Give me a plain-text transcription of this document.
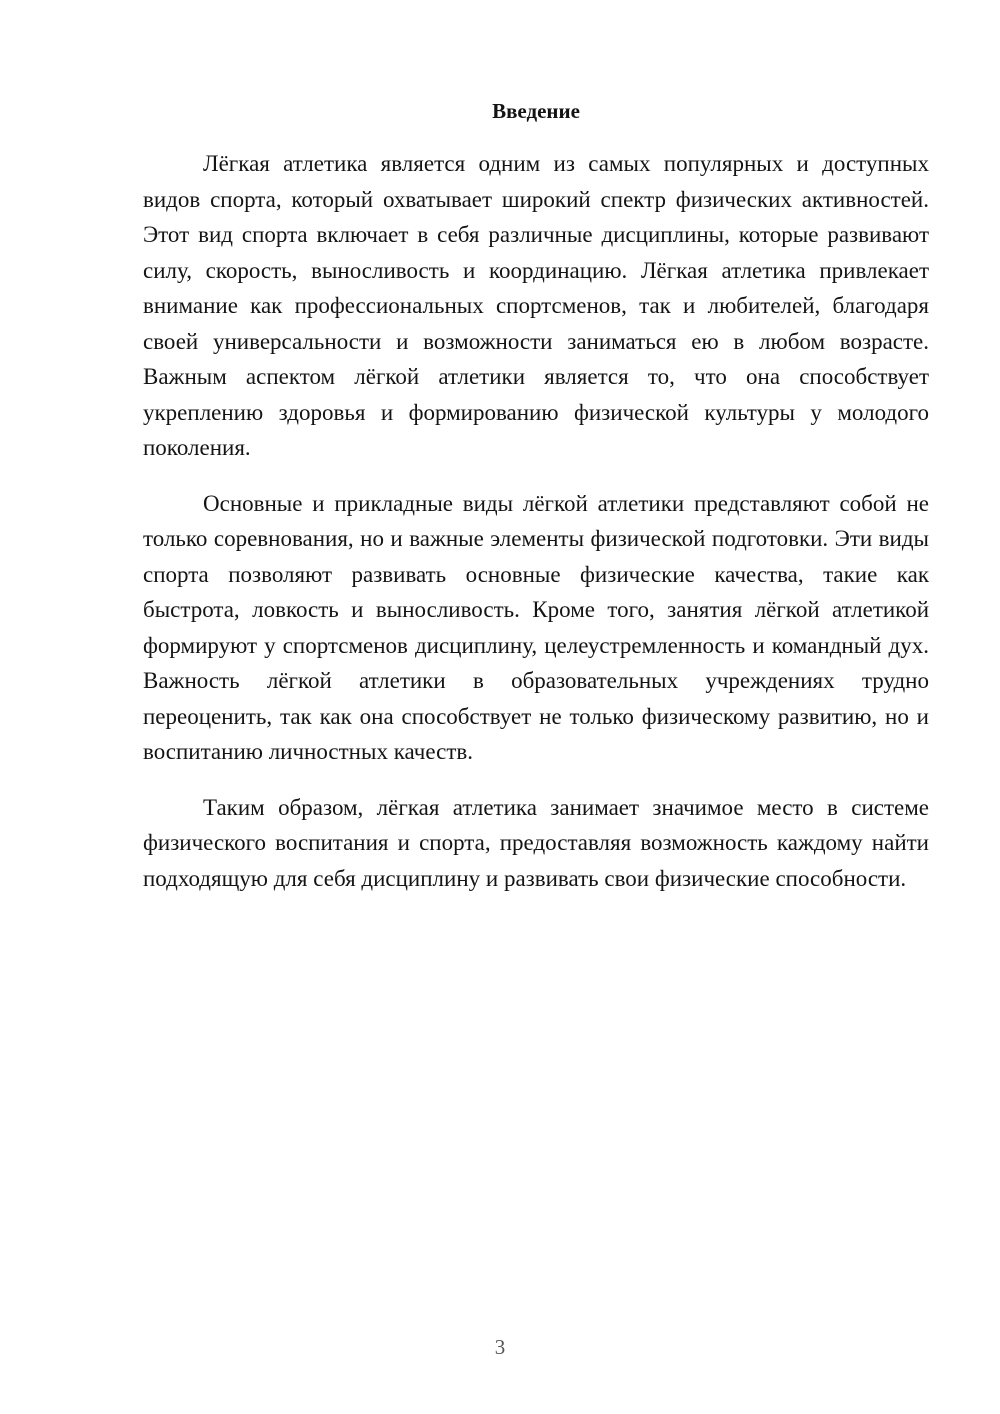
Введение

Лёгкая атлетика является одним из самых популярных и доступных видов спорта, который охватывает широкий спектр физических активностей. Этот вид спорта включает в себя различные дисциплины, которые развивают силу, скорость, выносливость и координацию. Лёгкая атлетика привлекает внимание как профессиональных спортсменов, так и любителей, благодаря своей универсальности и возможности заниматься ею в любом возрасте. Важным аспектом лёгкой атлетики является то, что она способствует укреплению здоровья и формированию физической культуры у молодого поколения.

Основные и прикладные виды лёгкой атлетики представляют собой не только соревнования, но и важные элементы физической подготовки. Эти виды спорта позволяют развивать основные физические качества, такие как быстрота, ловкость и выносливость. Кроме того, занятия лёгкой атлетикой формируют у спортсменов дисциплину, целеустремленность и командный дух. Важность лёгкой атлетики в образовательных учреждениях трудно переоценить, так как она способствует не только физическому развитию, но и воспитанию личностных качеств.

Таким образом, лёгкая атлетика занимает значимое место в системе физического воспитания и спорта, предоставляя возможность каждому найти подходящую для себя дисциплину и развивать свои физические способности.

3
